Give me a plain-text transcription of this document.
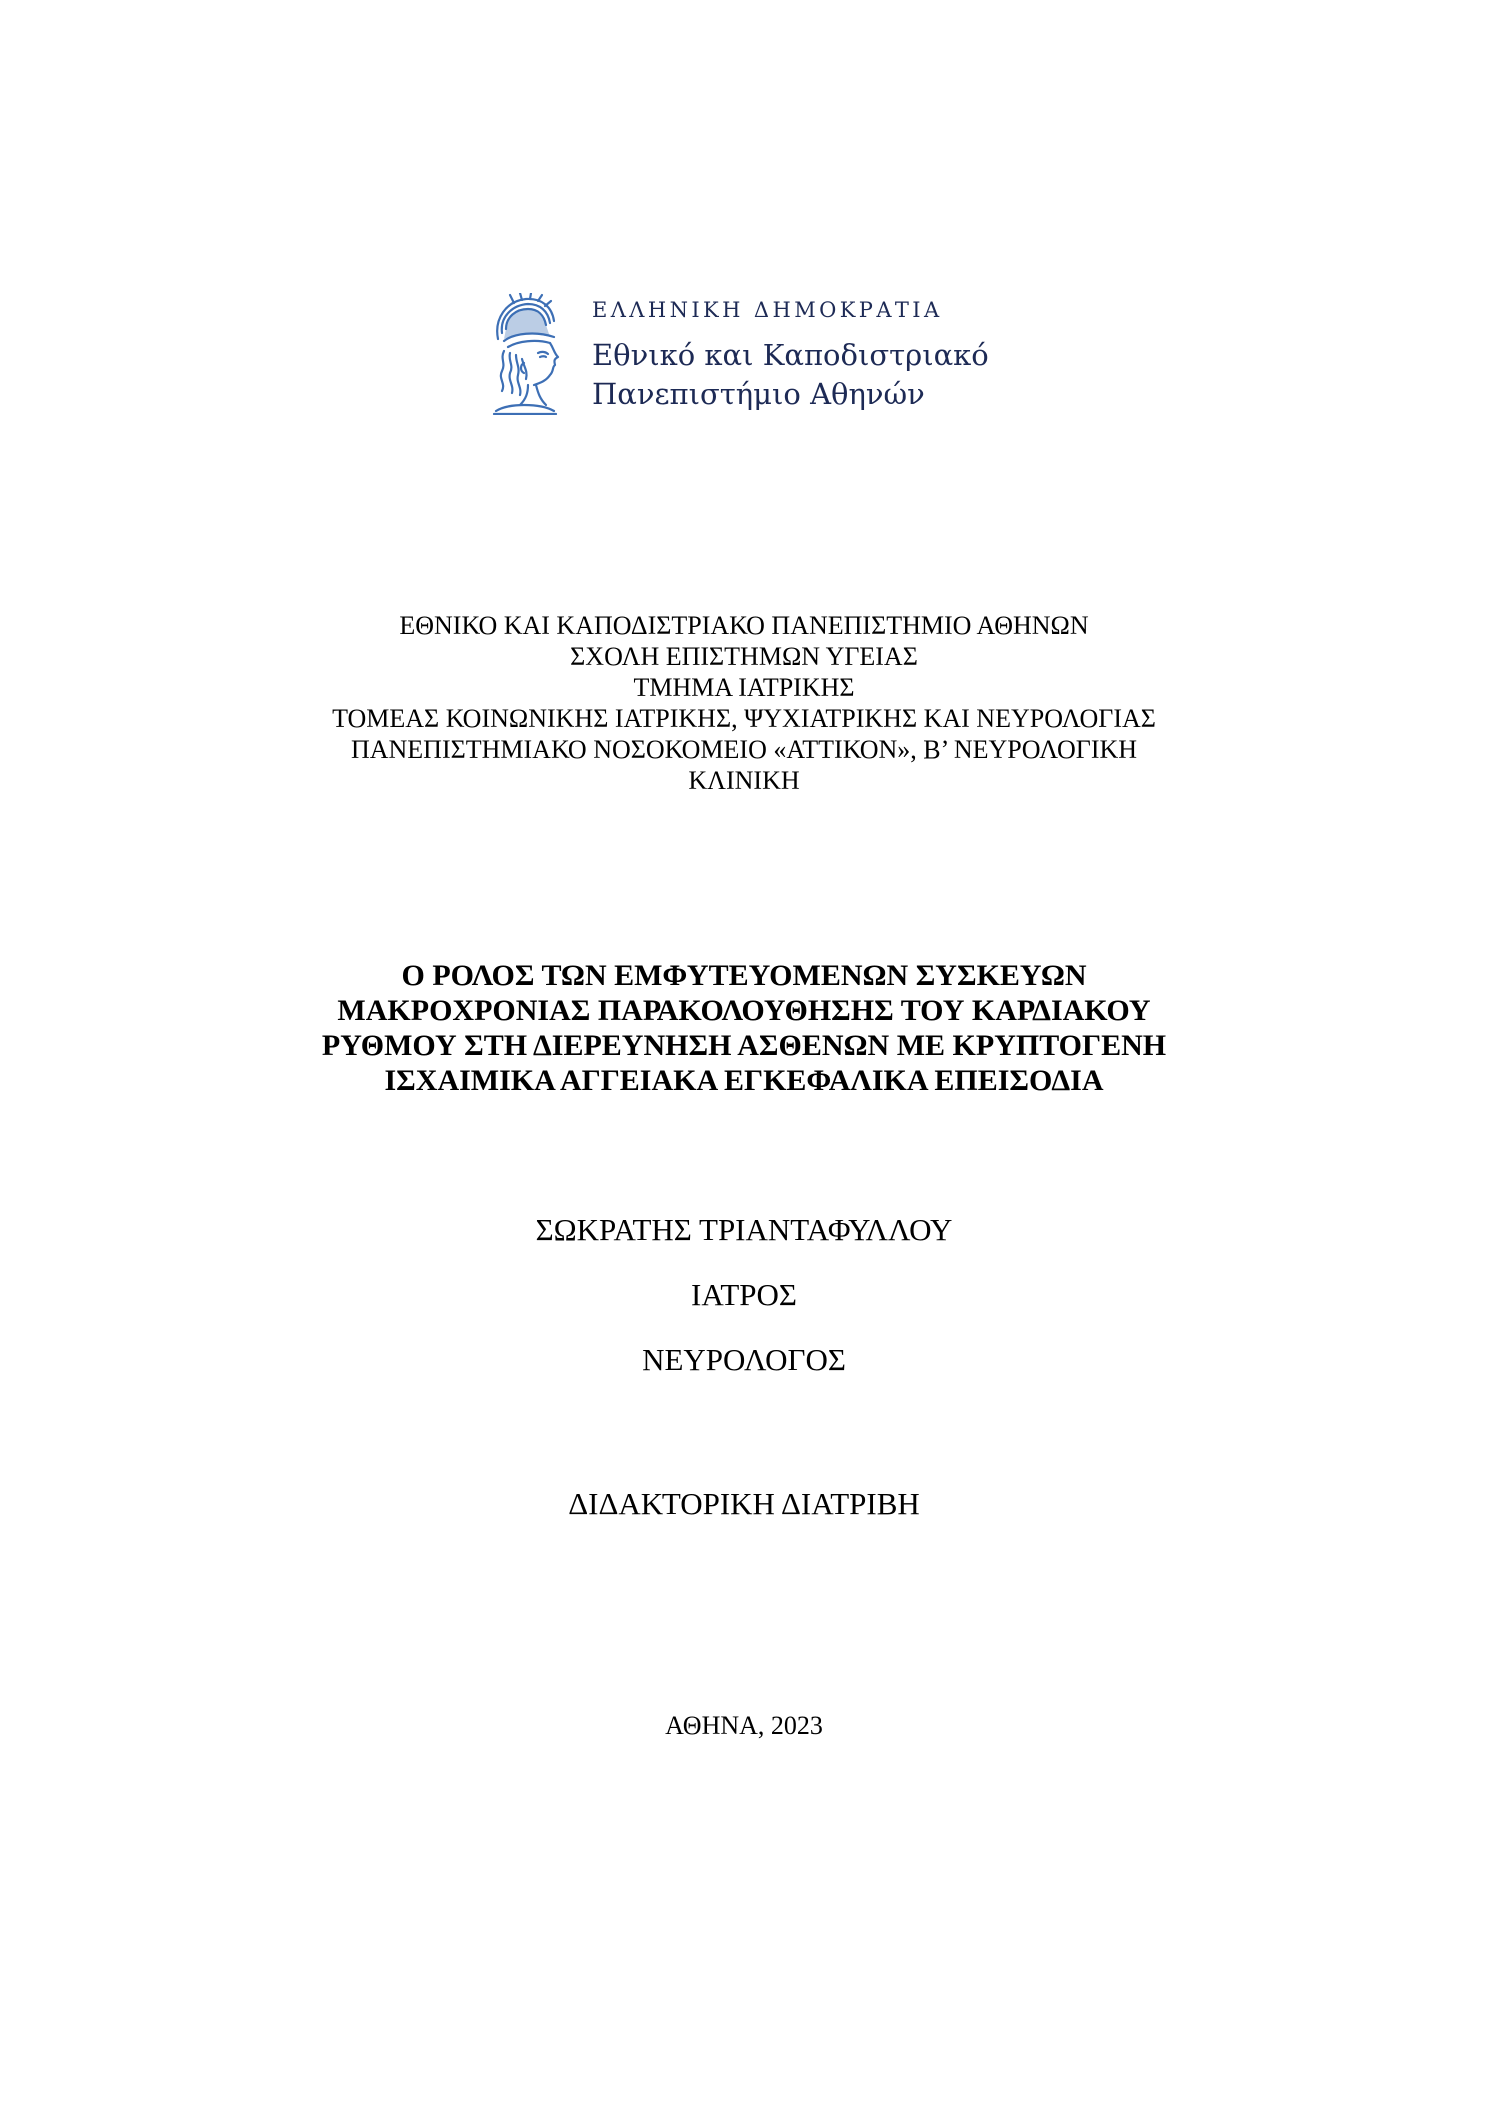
ΕΛΛΗΝΙΚΗ ΔΗΜΟΚΡΑΤΙΑ
Εθνικό και Καποδιστριακό
Πανεπιστήμιο Αθηνών
ΕΘΝΙΚΟ ΚΑΙ ΚΑΠΟΔΙΣΤΡΙΑΚΟ ΠΑΝΕΠΙΣΤΗΜΙΟ ΑΘΗΝΩΝ
ΣΧΟΛΗ ΕΠΙΣΤΗΜΩΝ ΥΓΕΙΑΣ
ΤΜΗΜΑ ΙΑΤΡΙΚΗΣ
ΤΟΜΕΑΣ ΚΟΙΝΩΝΙΚΗΣ ΙΑΤΡΙΚΗΣ, ΨΥΧΙΑΤΡΙΚΗΣ ΚΑΙ ΝΕΥΡΟΛΟΓΙΑΣ
ΠΑΝΕΠΙΣΤΗΜΙΑΚΟ ΝΟΣΟΚΟΜΕΙΟ «ΑΤΤΙΚΟΝ», Β’ ΝΕΥΡΟΛΟΓΙΚΗ
ΚΛΙΝΙΚΗ
Ο ΡΟΛΟΣ ΤΩΝ ΕΜΦΥΤΕΥΟΜΕΝΩΝ ΣΥΣΚΕΥΩΝ
ΜΑΚΡΟΧΡΟΝΙΑΣ ΠΑΡΑΚΟΛΟΥΘΗΣΗΣ ΤΟΥ ΚΑΡΔΙΑΚΟΥ
ΡΥΘΜΟΥ ΣΤΗ ΔΙΕΡΕΥΝΗΣΗ ΑΣΘΕΝΩΝ ΜΕ ΚΡΥΠΤΟΓΕΝΗ
ΙΣΧΑΙΜΙΚΑ ΑΓΓΕΙΑΚΑ ΕΓΚΕΦΑΛΙΚΑ ΕΠΕΙΣΟΔΙΑ
ΣΩΚΡΑΤΗΣ ΤΡΙΑΝΤΑΦΥΛΛΟΥ
ΙΑΤΡΟΣ
ΝΕΥΡΟΛΟΓΟΣ
ΔΙΔΑΚΤΟΡΙΚΗ ΔΙΑΤΡΙΒΗ
ΑΘΗΝΑ, 2023
